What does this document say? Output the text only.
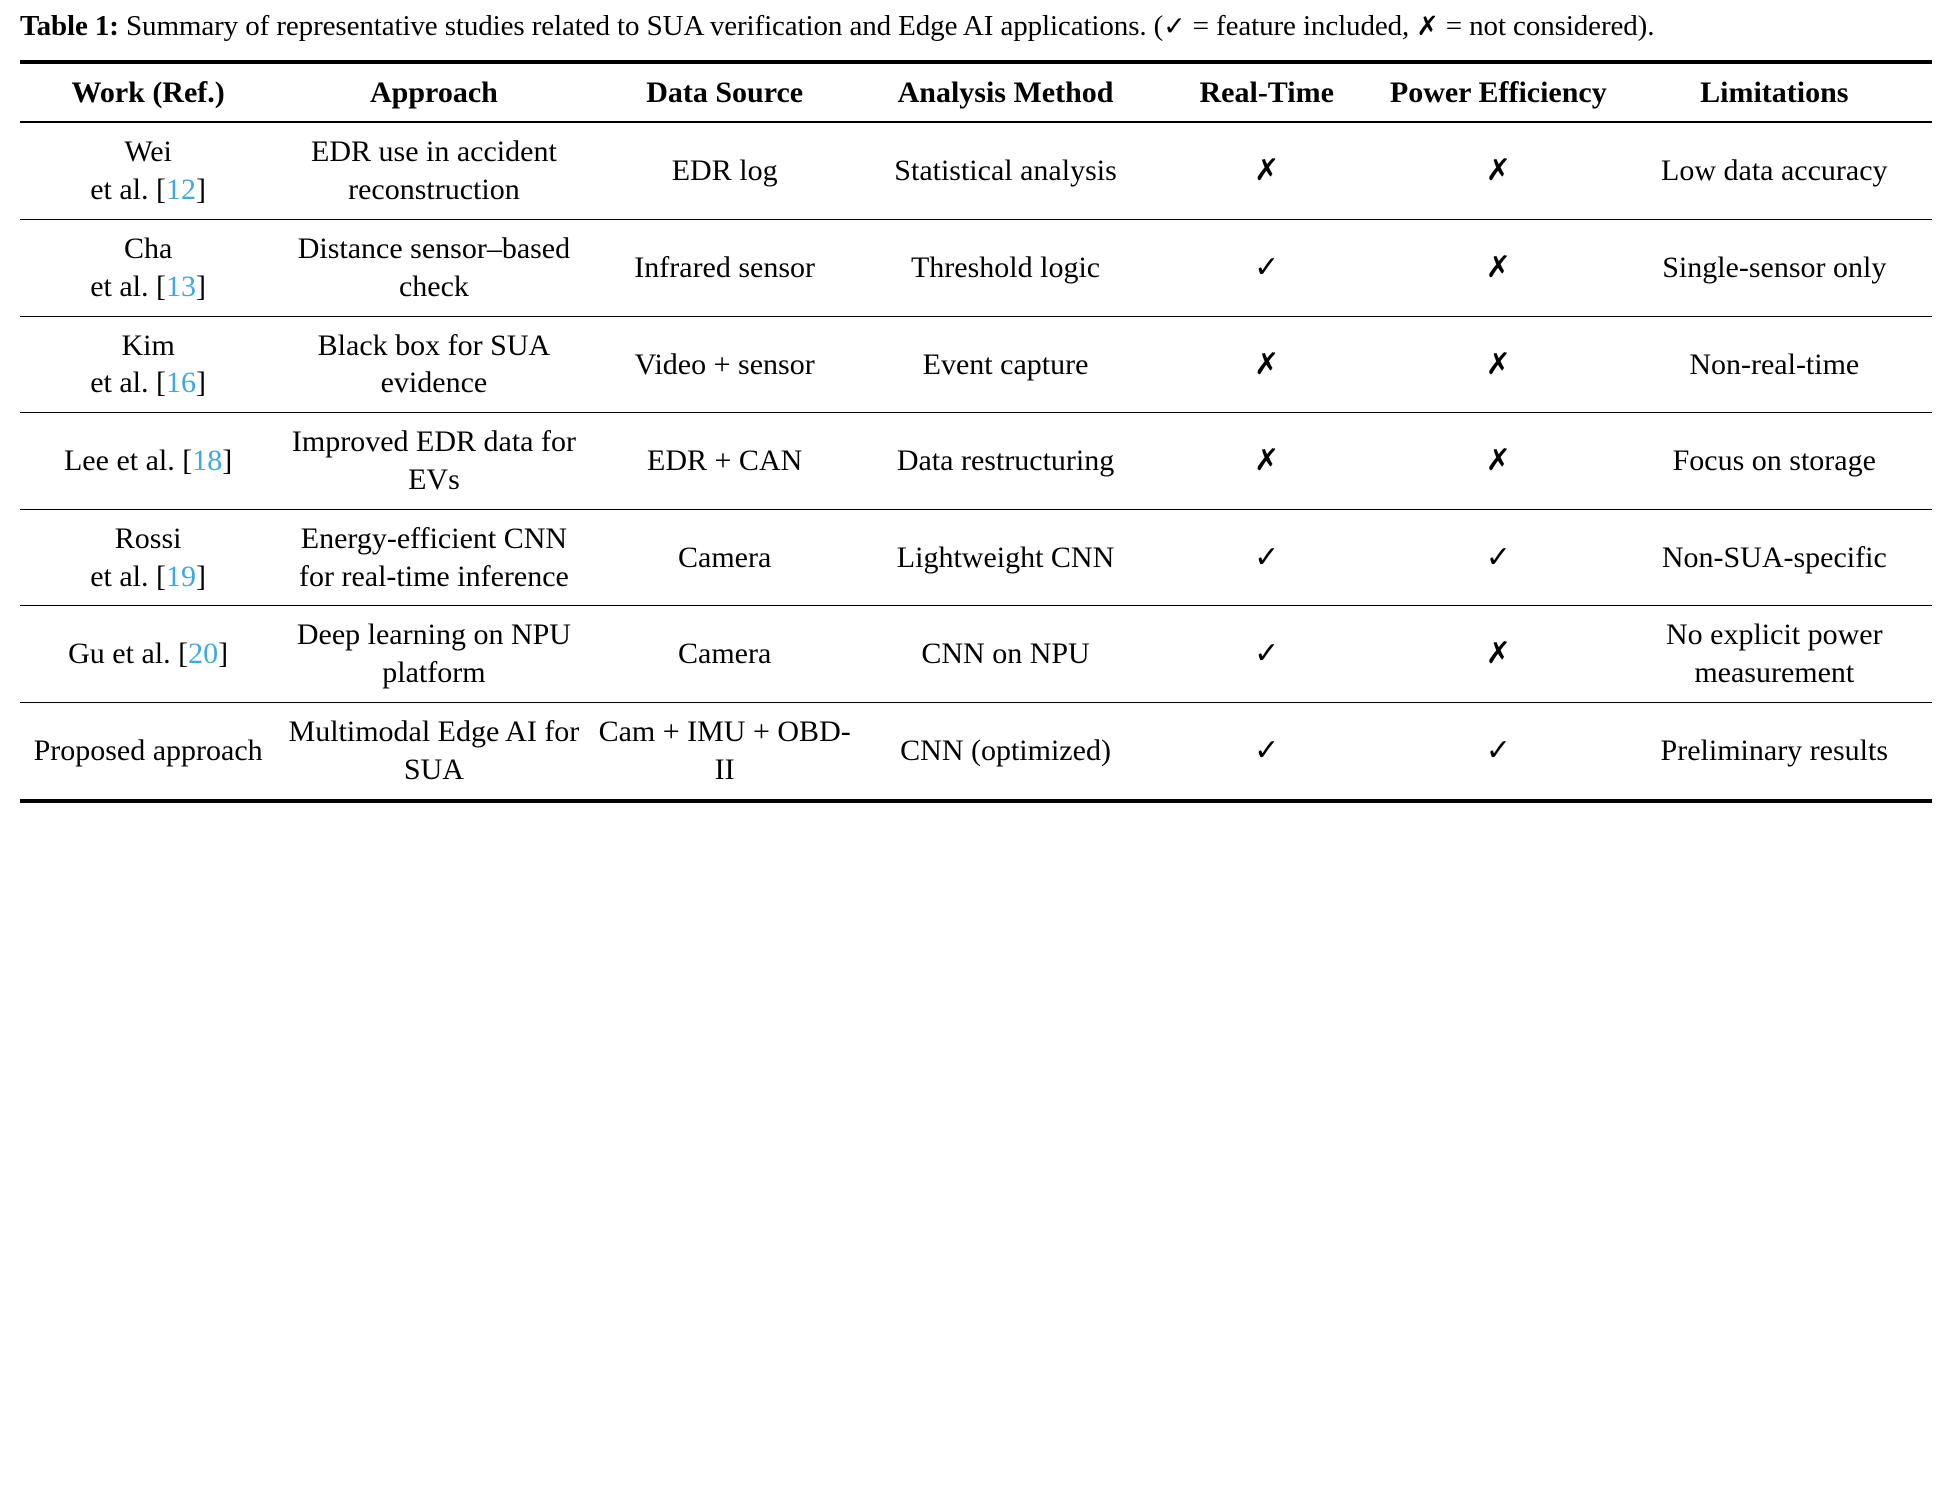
Table 1: Summary of representative studies related to SUA verification and Edge AI applications. (✓ = feature included, ✗ = not considered).

Work (Ref.)	Approach	Data Source	Analysis Method	Real-Time	Power Efficiency	Limitations

Wei
et al. [12]	EDR use in accident reconstruction	EDR log	Statistical analysis	✗	✗	Low data accuracy

Cha
et al. [13]	Distance sensor–based check	Infrared sensor	Threshold logic	✓	✗	Single-sensor only

Kim
et al. [16]	Black box for SUA evidence	Video + sensor	Event capture	✗	✗	Non-real-time

Lee et al. [18]	Improved EDR data for EVs	EDR + CAN	Data restructuring	✗	✗	Focus on storage

Rossi
et al. [19]	Energy-efficient CNN for real-time inference	Camera	Lightweight CNN	✓	✓	Non-SUA-specific

Gu et al. [20]	Deep learning on NPU platform	Camera	CNN on NPU	✓	✗	No explicit power measurement
Proposed approach	Multimodal Edge AI for SUA	Cam + IMU + OBD-II	CNN (optimized)	✓	✓	Preliminary results
